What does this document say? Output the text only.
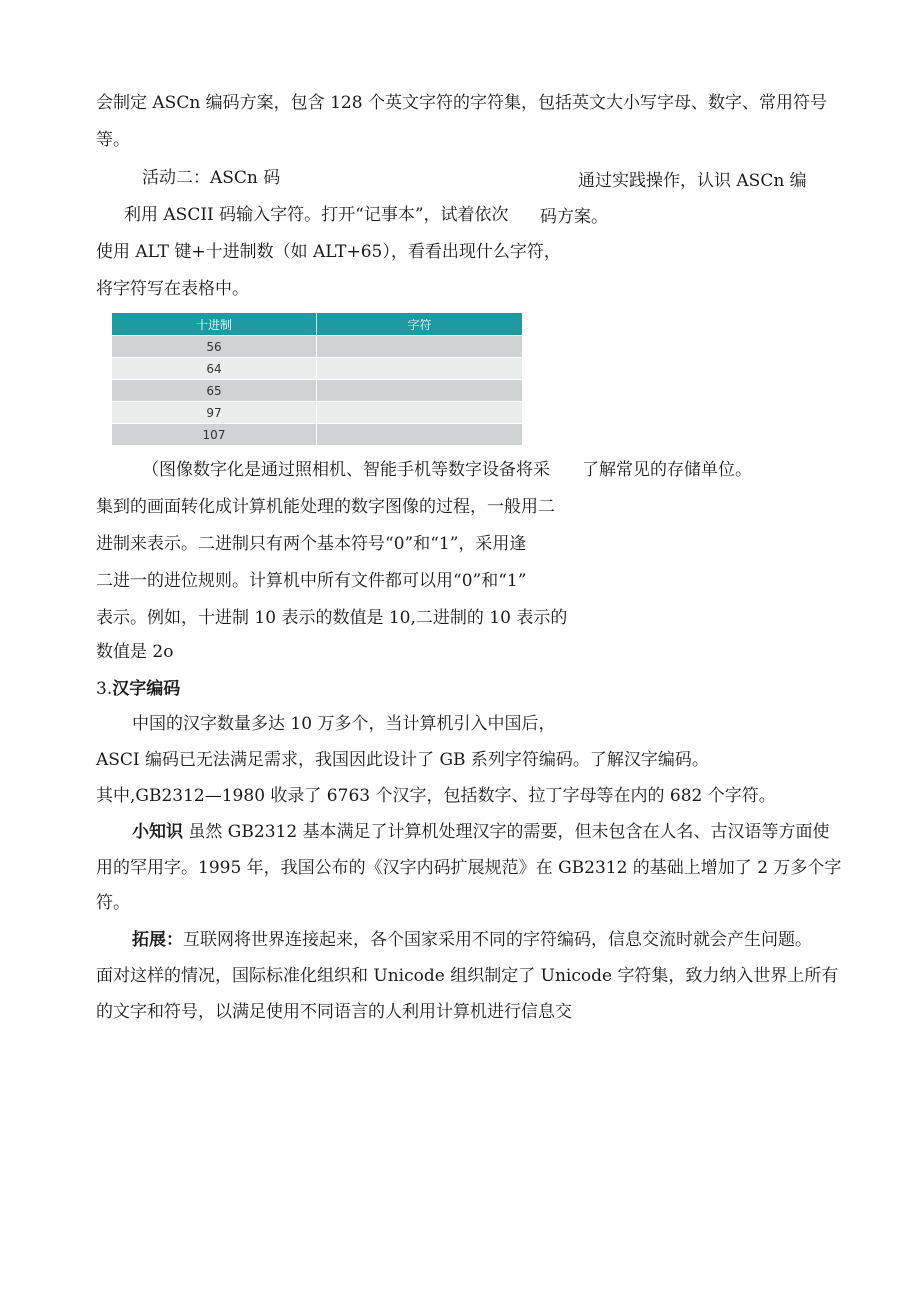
会制定 ASCn 编码方案，包含 128 个英文字符的字符集，包括英文大小写字母、数字、常用符号
等。
活动二：ASCn 码	通过实践操作，认识 ASCn 编
码方案。
利用 ASCII 码输入字符。打开“记事本”，试着依次
使用 ALT 键+十进制数（如 ALT+65），看看出现什么字符，
将字符写在表格中。
十进制	字符
56	
64	
65	
97	
107	
（图像数字化是通过照相机、智能手机等数字设备将采 了解常见的存储单位。
集到的画面转化成计算机能处理的数字图像的过程，一般用二
进制来表示。二进制只有两个基本符号“0”和“1”，采用逢
二进一的进位规则。计算机中所有文件都可以用“0”和“1”
表示。例如，十进制 10 表示的数值是 10,二进制的 10 表示的
数值是 2o
3.汉字编码
中国的汉字数量多达 10 万多个，当计算机引入中国后，
ASCI 编码已无法满足需求，我国因此设计了 GB 系列字符编码。了解汉字编码。
其中,GB2312—1980 收录了 6763 个汉字，包括数字、拉丁字母等在内的 682 个字符。
小知识 虽然 GB2312 基本满足了计算机处理汉字的需要，但未包含在人名、古汉语等方面使
用的罕用字。1995 年，我国公布的《汉字内码扩展规范》在 GB2312 的基础上增加了 2 万多个字
符。
拓展：互联网将世界连接起来，各个国家采用不同的字符编码，信息交流时就会产生问题。
面对这样的情况，国际标准化组织和 Unicode 组织制定了 Unicode 字符集，致力纳入世界上所有
的文字和符号，以满足使用不同语言的人利用计算机进行信息交
